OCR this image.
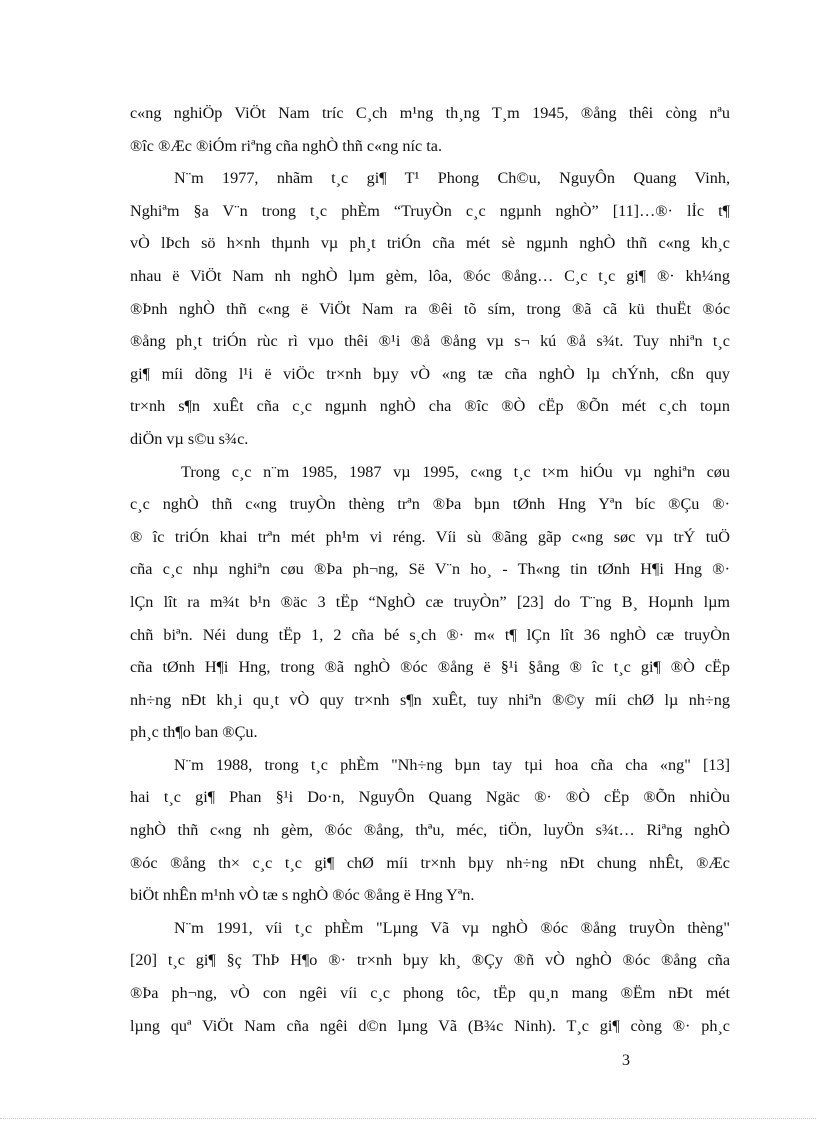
c«ng nghiÖp ViÖt Nam tríc C¸ch m¹ng th¸ng T¸m 1945, ®ång thêi còng nªu
®îc ®Æc ®iÓm riªng cña nghÒ thñ c«ng níc ta.

N¨m 1977, nhãm t¸c gi¶ T¹ Phong Ch©u, NguyÔn Quang Vinh,
Nghiªm §a V¨n trong t¸c phÈm “TruyÒn c¸c ngµnh nghÒ” [11]…®· lİc t¶
vÒ lÞch sö h×nh thµnh vµ ph¸t triÓn cña mét sè ngµnh nghÒ thñ c«ng kh¸c
nhau ë ViÖt Nam nh nghÒ lµm gèm, lôa, ®óc ®ång… C¸c t¸c gi¶ ®· kh¼ng
®Þnh nghÒ thñ c«ng ë ViÖt Nam ra ®êi tõ sím, trong ®ã cã kü thuËt ®óc
®ång ph¸t triÓn rùc rì vµo thêi ®¹i ®å ®ång vµ s¬ kú ®å s¾t. Tuy nhiªn t¸c
gi¶ míi dõng l¹i ë viÖc tr×nh bµy vÒ «ng tæ cña nghÒ lµ chÝnh, cßn quy
tr×nh s¶n xuÊt cña c¸c ngµnh nghÒ cha ®îc ®Ò cËp ®Õn mét c¸ch toµn
diÖn vµ s©u s¾c.

Trong c¸c n¨m 1985, 1987 vµ 1995, c«ng t¸c t×m hiÓu vµ nghiªn cøu
c¸c nghÒ thñ c«ng truyÒn thèng trªn ®Þa bµn tØnh Hng Yªn bíc ®Çu ®·
® îc triÓn khai trªn mét ph¹m vi réng. Víi sù ®ãng gãp c«ng søc vµ trÝ tuÖ
cña c¸c nhµ nghiªn cøu ®Þa ph¬ng, Së V¨n ho¸ - Th«ng tin tØnh H¶i Hng ®·
lÇn lît ra m¾t b¹n ®äc 3 tËp “NghÒ cæ truyÒn” [23] do T¨ng B¸ Hoµnh lµm
chñ biªn. Néi dung tËp 1, 2 cña bé s¸ch ®· m« t¶ lÇn lît 36 nghÒ cæ truyÒn
cña tØnh H¶i Hng, trong ®ã nghÒ ®óc ®ång ë §¹i §ång ® îc t¸c gi¶ ®Ò cËp
nh÷ng nÐt kh¸i qu¸t vÒ quy tr×nh s¶n xuÊt, tuy nhiªn ®©y míi chØ lµ nh÷ng
ph¸c th¶o ban ®Çu.

N¨m 1988, trong t¸c phÈm "Nh÷ng bµn tay tµi hoa cña cha «ng" [13]
hai t¸c gi¶ Phan §¹i Do·n, NguyÔn Quang Ngäc ®· ®Ò cËp ®Õn nhiÒu
nghÒ thñ c«ng nh gèm, ®óc ®ång, thªu, méc, tiÖn, luyÖn s¾t… Riªng nghÒ
®óc ®ång th× c¸c t¸c gi¶ chØ míi tr×nh bµy nh÷ng nÐt chung nhÊt, ®Æc
biÖt nhÊn m¹nh vÒ tæ s nghÒ ®óc ®ång ë Hng Yªn.

N¨m 1991, víi t¸c phÈm "Lµng Vã vµ nghÒ ®óc ®ång truyÒn thèng"
[20] t¸c gi¶ §ç ThÞ H¶o ®· tr×nh bµy kh¸ ®Çy ®ñ vÒ nghÒ ®óc ®ång cña
®Þa ph¬ng, vÒ con ngêi víi c¸c phong tôc, tËp qu¸n mang ®Ëm nÐt mét
lµng quª ViÖt Nam cña ngêi d©n lµng Vã (B¾c Ninh). T¸c gi¶ còng ®· ph¸c

3
